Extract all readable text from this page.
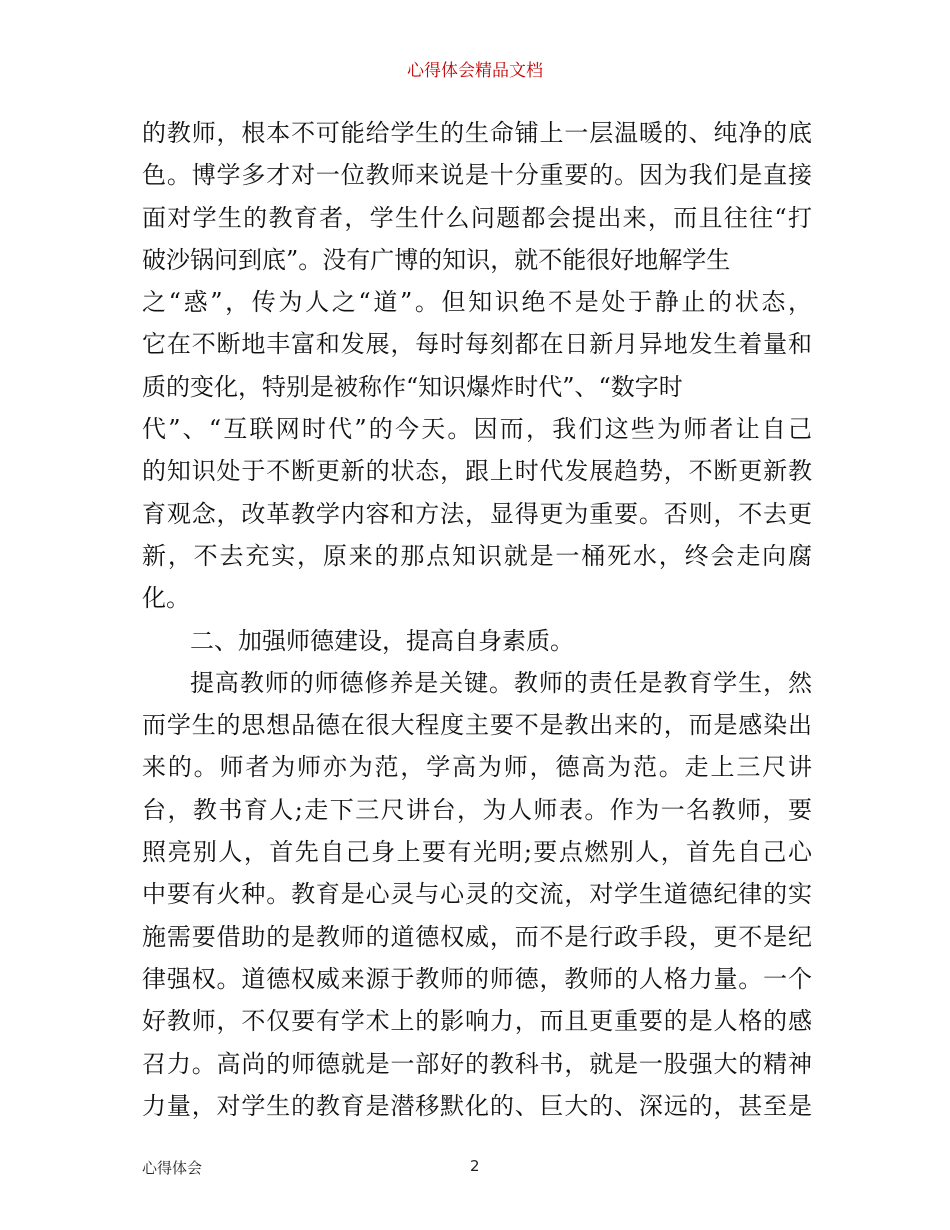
心得体会精品文档
的教师，根本不可能给学生的生命铺上一层温暖的、纯净的底
色。博学多才对一位教师来说是十分重要的。因为我们是直接
面对学生的教育者，学生什么问题都会提出来，而且往往“打
破沙锅问到底”。没有广博的知识，就不能很好地解学生
之“惑”，传为人之“道”。但知识绝不是处于静止的状态，
它在不断地丰富和发展，每时每刻都在日新月异地发生着量和
质的变化，特别是被称作“知识爆炸时代”、“数字时
代”、“互联网时代”的今天。因而，我们这些为师者让自己
的知识处于不断更新的状态，跟上时代发展趋势，不断更新教
育观念，改革教学内容和方法，显得更为重要。否则，不去更
新，不去充实，原来的那点知识就是一桶死水，终会走向腐
化。
二、加强师德建设，提高自身素质。
提高教师的师德修养是关键。教师的责任是教育学生，然
而学生的思想品德在很大程度主要不是教出来的，而是感染出
来的。师者为师亦为范，学高为师，德高为范。走上三尺讲
台，教书育人;走下三尺讲台，为人师表。作为一名教师，要
照亮别人，首先自己身上要有光明;要点燃别人，首先自己心
中要有火种。教育是心灵与心灵的交流，对学生道德纪律的实
施需要借助的是教师的道德权威，而不是行政手段，更不是纪
律强权。道德权威来源于教师的师德，教师的人格力量。一个
好教师，不仅要有学术上的影响力，而且更重要的是人格的感
召力。高尚的师德就是一部好的教科书，就是一股强大的精神
力量，对学生的教育是潜移默化的、巨大的、深远的，甚至是
心得体会	2
